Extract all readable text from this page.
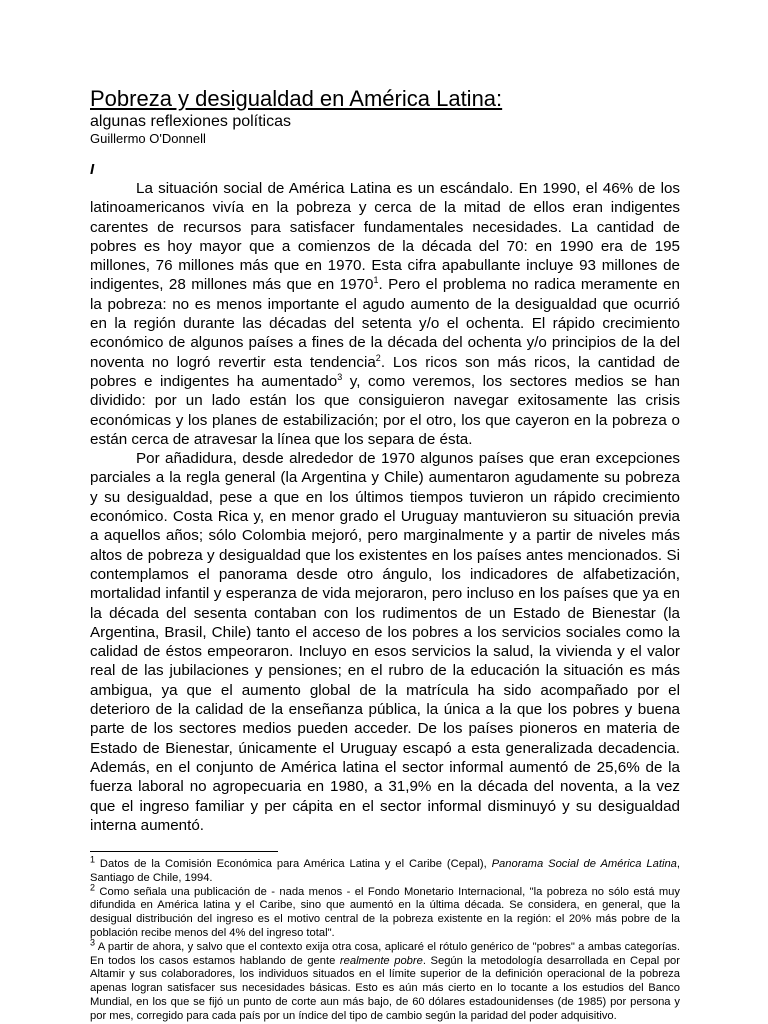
Pobreza y desigualdad en América Latina:

algunas reflexiones políticas

Guillermo O'Donnell

I

La situación social de América Latina es un escándalo. En 1990, el 46% de los latinoamericanos vivía en la pobreza y cerca de la mitad de ellos eran indigentes carentes de recursos para satisfacer fundamentales necesidades. La cantidad de pobres es hoy mayor que a comienzos de la década del 70: en 1990 era de 195 millones, 76 millones más que en 1970. Esta cifra apabullante incluye 93 millones de indigentes, 28 millones más que en 1970$^1$. Pero el problema no radica meramente en la pobreza: no es menos importante el agudo aumento de la desigualdad que ocurrió en la región durante las décadas del setenta y/o el ochenta. El rápido crecimiento económico de algunos países a fines de la década del ochenta y/o principios de la del noventa no logró revertir esta tendencia$^2$. Los ricos son más ricos, la cantidad de pobres e indigentes ha aumentado$^3$ y, como veremos, los sectores medios se han dividido: por un lado están los que consiguieron navegar exitosamente las crisis económicas y los planes de estabilización; por el otro, los que cayeron en la pobreza o están cerca de atravesar la línea que los separa de ésta.

Por añadidura, desde alrededor de 1970 algunos países que eran excepciones parciales a la regla general (la Argentina y Chile) aumentaron agudamente su pobreza y su desigualdad, pese a que en los últimos tiempos tuvieron un rápido crecimiento económico. Costa Rica y, en menor grado el Uruguay mantuvieron su situación previa a aquellos años; sólo Colombia mejoró, pero marginalmente y a partir de niveles más altos de pobreza y desigualdad que los existentes en los países antes mencionados. Si contemplamos el panorama desde otro ángulo, los indicadores de alfabetización, mortalidad infantil y esperanza de vida mejoraron, pero incluso en los países que ya en la década del sesenta contaban con los rudimentos de un Estado de Bienestar (la Argentina, Brasil, Chile) tanto el acceso de los pobres a los servicios sociales como la calidad de éstos empeoraron. Incluyo en esos servicios la salud, la vivienda y el valor real de las jubilaciones y pensiones; en el rubro de la educación la situación es más ambigua, ya que el aumento global de la matrícula ha sido acompañado por el deterioro de la calidad de la enseñanza pública, la única a la que los pobres y buena parte de los sectores medios pueden acceder. De los países pioneros en materia de Estado de Bienestar, únicamente el Uruguay escapó a esta generalizada decadencia. Además, en el conjunto de América latina el sector informal aumentó de 25,6% de la fuerza laboral no agropecuaria en 1980, a 31,9% en la década del noventa, a la vez que el ingreso familiar y per cápita en el sector informal disminuyó y su desigualdad interna aumentó.

$^1$ Datos de la Comisión Económica para América Latina y el Caribe (Cepal), Panorama Social de América Latina, Santiago de Chile, 1994.

$^2$ Como señala una publicación de - nada menos - el Fondo Monetario Internacional, "la pobreza no sólo está muy difundida en América latina y el Caribe, sino que aumentó en la última década. Se considera, en general, que la desigual distribución del ingreso es el motivo central de la pobreza existente en la región: el 20% más pobre de la población recibe menos del 4% del ingreso total".

$^3$ A partir de ahora, y salvo que el contexto exija otra cosa, aplicaré el rótulo genérico de "pobres" a ambas categorías. En todos los casos estamos hablando de gente realmente pobre. Según la metodología desarrollada en Cepal por Altamir y sus colaboradores, los individuos situados en el límite superior de la definición operacional de la pobreza apenas logran satisfacer sus necesidades básicas. Esto es aún más cierto en lo tocante a los estudios del Banco Mundial, en los que se fijó un punto de corte aun más bajo, de 60 dólares estadounidenses (de 1985) por persona y por mes, corregido para cada país por un índice del tipo de cambio según la paridad del poder adquisitivo.
